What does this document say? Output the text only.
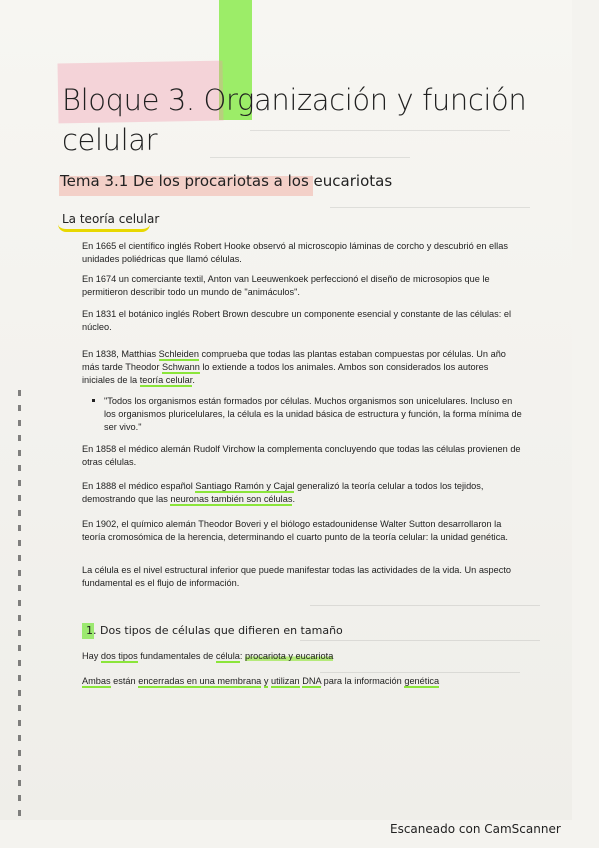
Bloque 3. Organización y función celular
Tema 3.1 De los procariotas a los eucariotas
La teoría celular
En 1665 el científico inglés Robert Hooke observó al microscopio láminas de corcho y descubrió en ellas unidades poliédricas que llamó células.
En 1674 un comerciante textil, Anton van Leeuwenkoek perfeccionó el diseño de microsopios que le permitieron describir todo un mundo de "animáculos".
En 1831 el botánico inglés Robert Brown descubre un componente esencial y constante de las células: el núcleo.
En 1838, Matthias Schleiden comprueba que todas las plantas estaban compuestas por células. Un año más tarde Theodor Schwann lo extiende a todos los animales. Ambos son considerados los autores iniciales de la teoría celular.
"Todos los organismos están formados por células. Muchos organismos son unicelulares. Incluso en los organismos pluricelulares, la célula es la unidad básica de estructura y función, la forma mínima de ser vivo."
En 1858 el médico alemán Rudolf Virchow la complementa concluyendo que todas las células provienen de otras células.
En 1888 el médico español Santiago Ramón y Cajal generalizó la teoría celular a todos los tejidos, demostrando que las neuronas también son células.
En 1902, el químico alemán Theodor Boveri y el biólogo estadounidense Walter Sutton desarrollaron la teoría cromosómica de la herencia, determinando el cuarto punto de la teoría celular: la unidad genética.
La célula es el nivel estructural inferior que puede manifestar todas las actividades de la vida. Un aspecto fundamental es el flujo de información.
1. Dos tipos de células que difieren en tamaño
Hay dos tipos fundamentales de célula: procariota y eucariota
Ambas están encerradas en una membrana y utilizan DNA para la información genética
Escaneado con CamScanner
